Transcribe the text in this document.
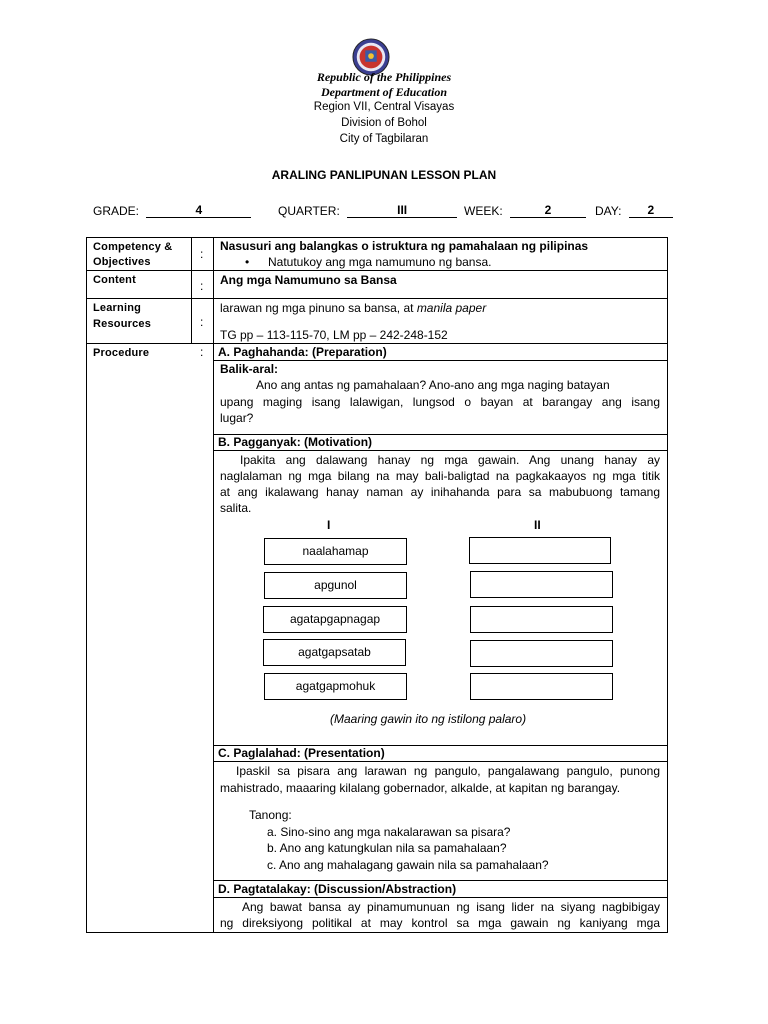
Republic of the Philippines
Department of Education
Region VII, Central Visayas
Division of Bohol
City of Tagbilaran
ARALING PANLIPUNAN LESSON PLAN
GRADE:	4	QUARTER:	III	WEEK:	2	DAY: 2
Competency &
Objectives
:
Nasusuri ang balangkas o istruktura ng pamahalaan ng pilipinas
• Natutukoy ang mga namumuno ng bansa.
Content	: Ang mga Namumuno sa Bansa
Learning
Resources	:
larawan ng mga pinuno sa bansa, at manila paper
TG pp – 113-115-70, LM pp – 242-248-152
Procedure	: A. Paghahanda: (Preparation)
Balik-aral:
Ano ang antas ng pamahalaan? Ano-ano ang mga naging batayan
upang maging isang lalawigan, lungsod o bayan at barangay ang isang
lugar?
B. Pagganyak: (Motivation)
Ipakita ang dalawang hanay ng mga gawain. Ang unang hanay ay
naglalaman ng mga bilang na may bali-baligtad na pagkakaayos ng mga titik
at ang ikalawang hanay naman ay inihahanda para sa mabubuong tamang
salita.
I	II
naalahamap
apgunol
agatapgapnagap
agatgapsatab
agatgapmohuk
(Maaring gawin ito ng istilong palaro)
C. Paglalahad: (Presentation)
Ipaskil sa pisara ang larawan ng pangulo, pangalawang pangulo, punong
mahistrado, maaaring kilalang gobernador, alkalde, at kapitan ng barangay.
Tanong:
a. Sino-sino ang mga nakalarawan sa pisara?
b. Ano ang katungkulan nila sa pamahalaan?
c. Ano ang mahalagang gawain nila sa pamahalaan?
D. Pagtatalakay: (Discussion/Abstraction)
Ang bawat bansa ay pinamumunuan ng isang lider na siyang nagbibigay
ng direksiyong politikal at may kontrol sa mga gawain ng kaniyang mga
